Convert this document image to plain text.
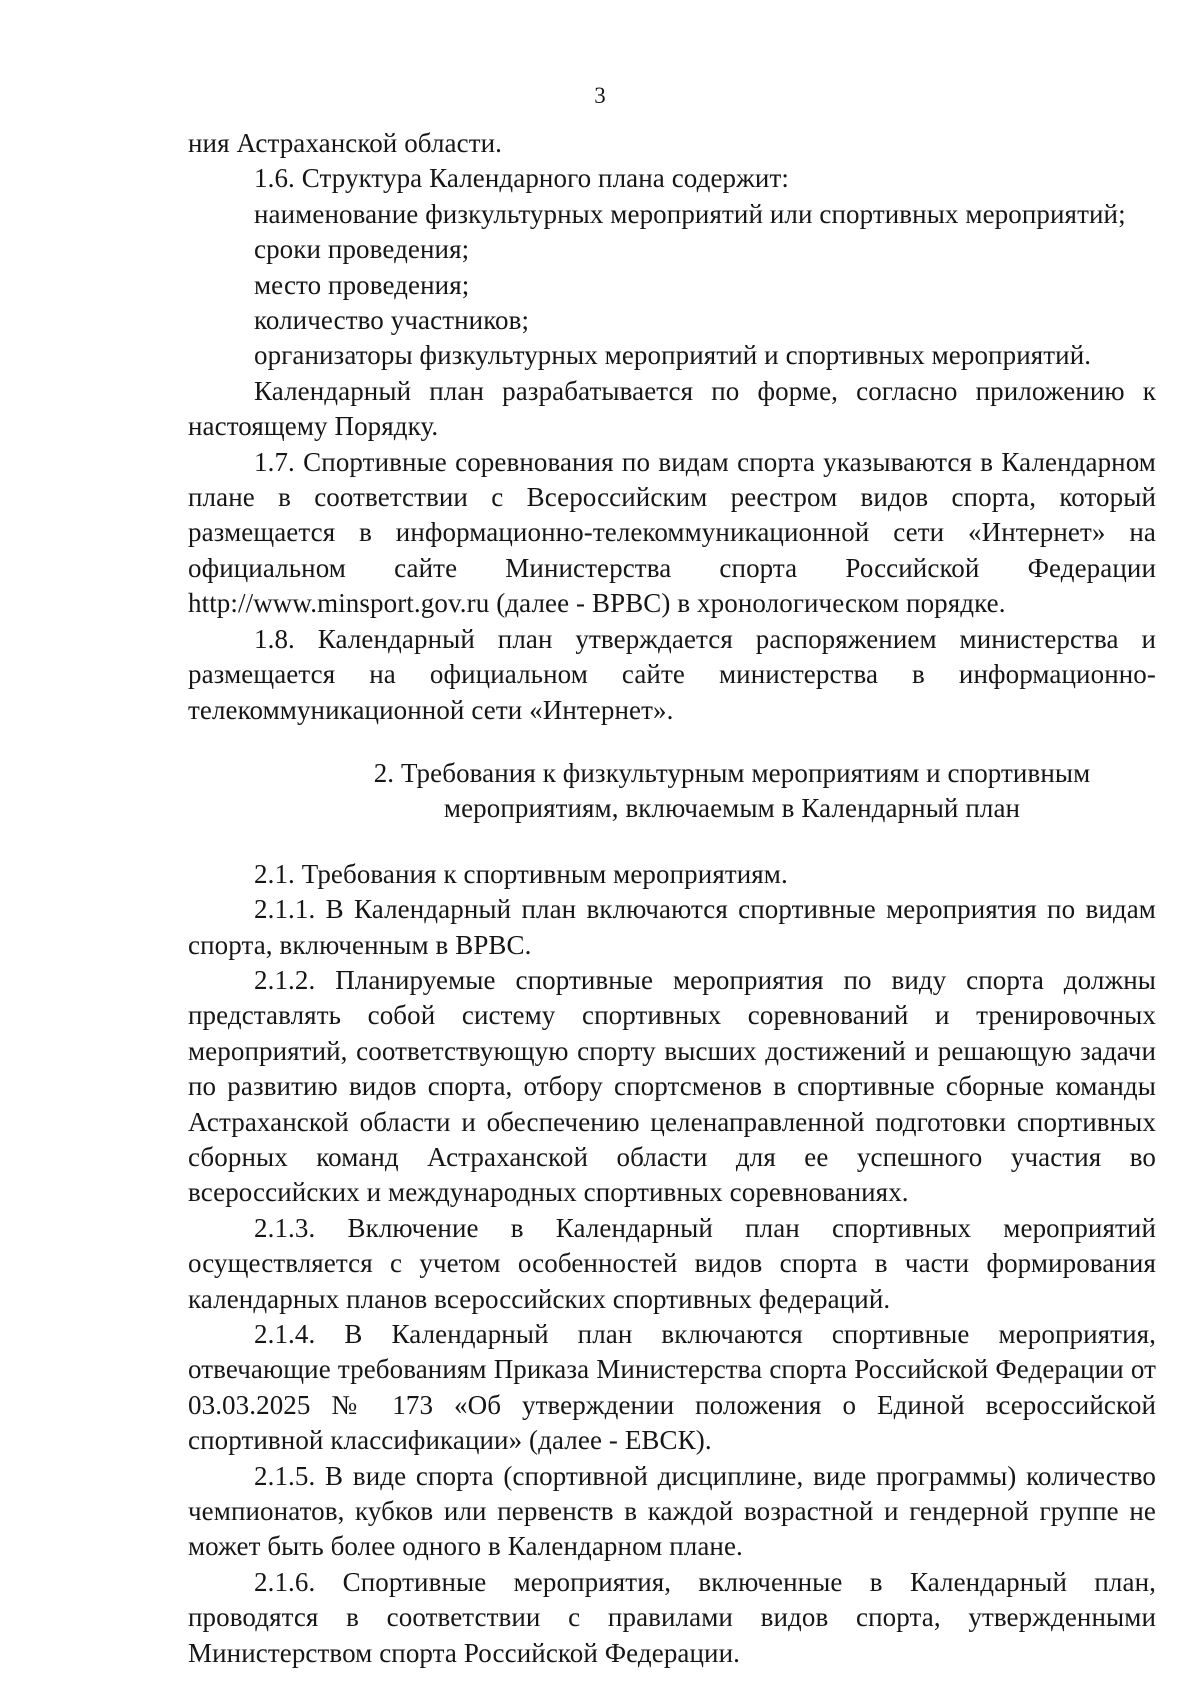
3

ния Астраханской области.

1.6. Структура Календарного плана содержит:

наименование физкультурных мероприятий или спортивных мероприятий;

сроки проведения;

место проведения;

количество участников;

организаторы физкультурных мероприятий и спортивных мероприятий.

Календарный план разрабатывается по форме, согласно приложению к настоящему Порядку.

1.7. Спортивные соревнования по видам спорта указываются в Календарном плане в соответствии с Всероссийским реестром видов спорта, который размещается в информационно-телекоммуникационной сети «Интернет» на официальном сайте Министерства спорта Российской Федерации http://www.minsport.gov.ru (далее - ВРВС) в хронологическом порядке.

1.8. Календарный план утверждается распоряжением министерства и размещается на официальном сайте министерства в информационно-телекоммуникационной сети «Интернет».

2. Требования к физкультурным мероприятиям и спортивным
мероприятиям, включаемым в Календарный план

2.1. Требования к спортивным мероприятиям.

2.1.1. В Календарный план включаются спортивные мероприятия по видам спорта, включенным в ВРВС.

2.1.2. Планируемые спортивные мероприятия по виду спорта должны представлять собой систему спортивных соревнований и тренировочных мероприятий, соответствующую спорту высших достижений и решающую задачи по развитию видов спорта, отбору спортсменов в спортивные сборные команды Астраханской области и обеспечению целенаправленной подготовки спортивных сборных команд Астраханской области для ее успешного участия во всероссийских и международных спортивных соревнованиях.

2.1.3. Включение в Календарный план спортивных мероприятий осуществляется с учетом особенностей видов спорта в части формирования календарных планов всероссийских спортивных федераций.

2.1.4. В Календарный план включаются спортивные мероприятия, отвечающие требованиям Приказа Министерства спорта Российской Федерации от 03.03.2025 № 173 «Об утверждении положения о Единой всероссийской спортивной классификации» (далее - ЕВСК).

2.1.5. В виде спорта (спортивной дисциплине, виде программы) количество чемпионатов, кубков или первенств в каждой возрастной и гендерной группе не может быть более одного в Календарном плане.

2.1.6. Спортивные мероприятия, включенные в Календарный план, проводятся в соответствии с правилами видов спорта, утвержденными Министерством спорта Российской Федерации.
